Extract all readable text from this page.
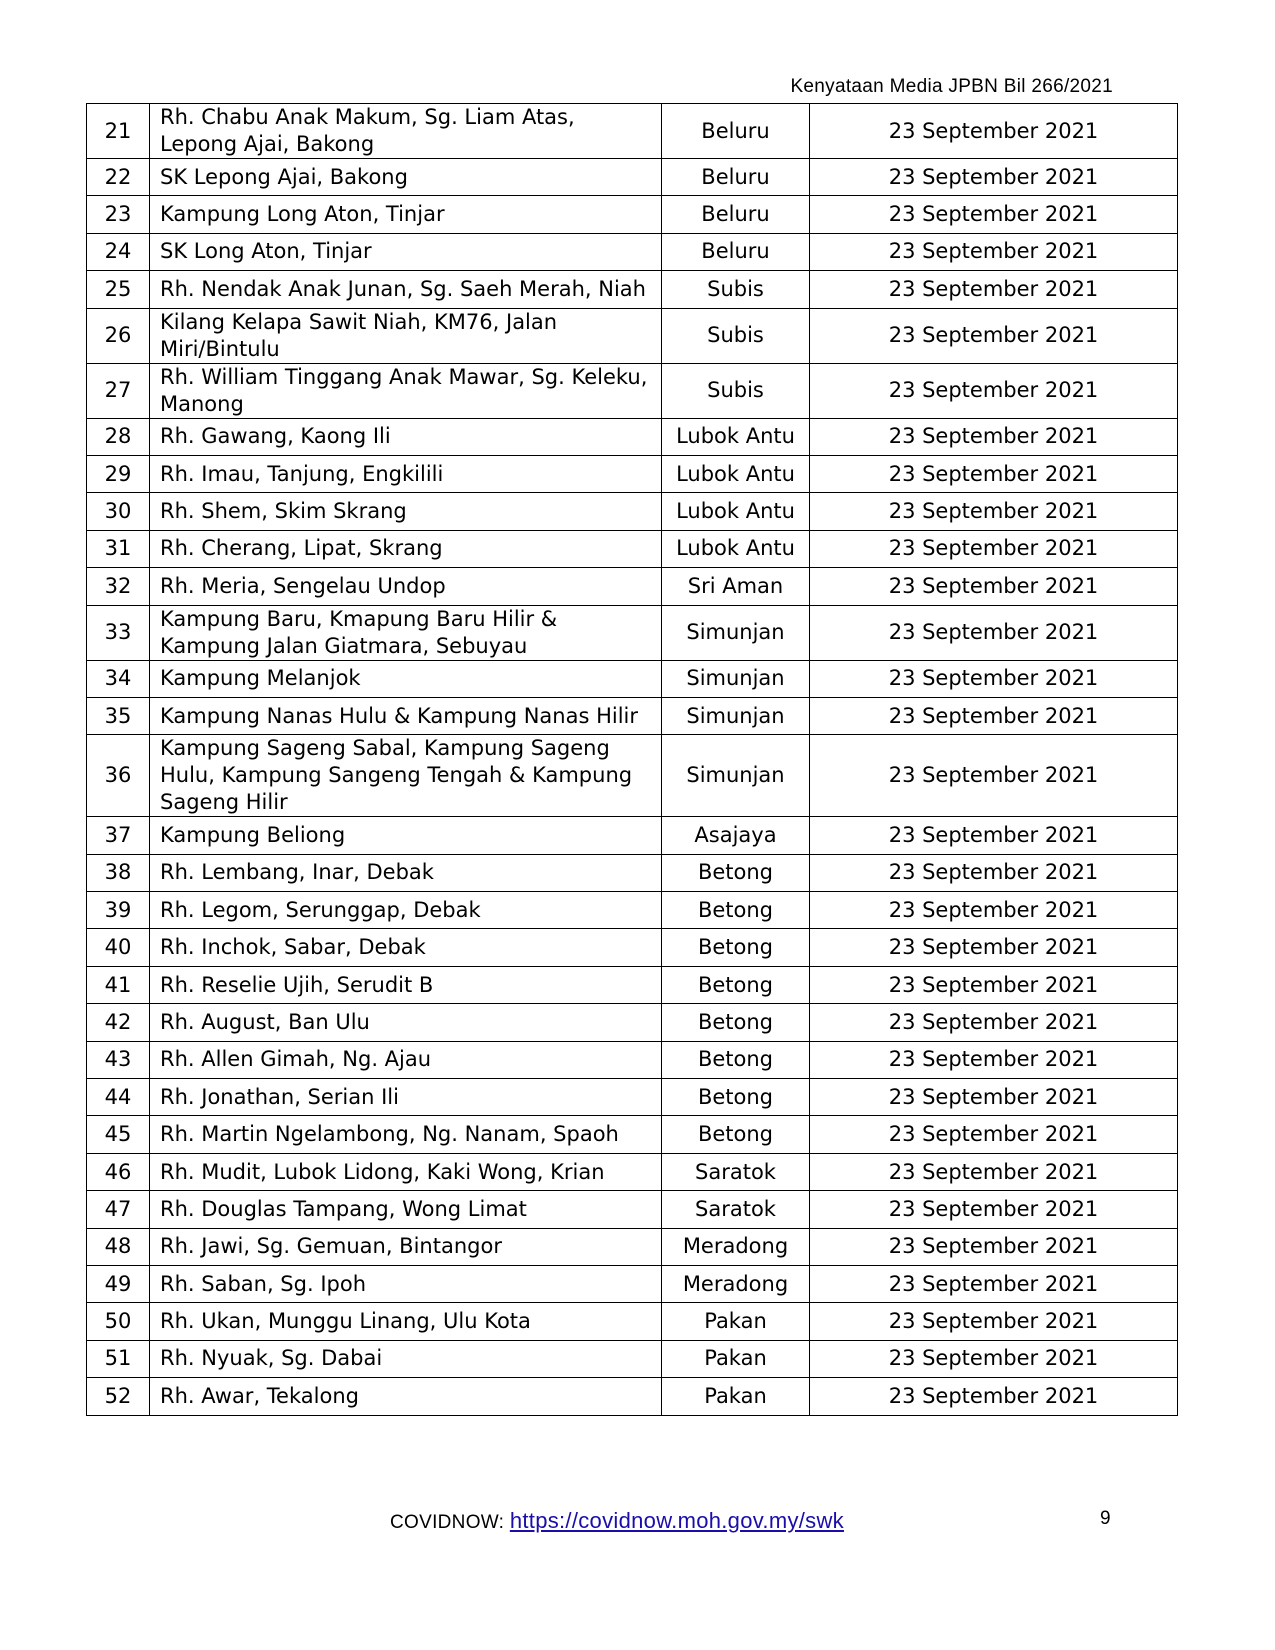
Kenyataan Media JPBN Bil 266/2021
21	Rh. Chabu Anak Makum, Sg. Liam Atas, Lepong Ajai, Bakong	Beluru	23 September 2021
22	SK Lepong Ajai, Bakong	Beluru	23 September 2021
23	Kampung Long Aton, Tinjar	Beluru	23 September 2021
24	SK Long Aton, Tinjar	Beluru	23 September 2021
25	Rh. Nendak Anak Junan, Sg. Saeh Merah, Niah	Subis	23 September 2021
26	Kilang Kelapa Sawit Niah, KM76, Jalan Miri/Bintulu	Subis	23 September 2021
27	Rh. William Tinggang Anak Mawar, Sg. Keleku, Manong	Subis	23 September 2021
28	Rh. Gawang, Kaong Ili	Lubok Antu	23 September 2021
29	Rh. Imau, Tanjung, Engkilili	Lubok Antu	23 September 2021
30	Rh. Shem, Skim Skrang	Lubok Antu	23 September 2021
31	Rh. Cherang, Lipat, Skrang	Lubok Antu	23 September 2021
32	Rh. Meria, Sengelau Undop	Sri Aman	23 September 2021
33	Kampung Baru, Kmapung Baru Hilir & Kampung Jalan Giatmara, Sebuyau	Simunjan	23 September 2021
34	Kampung Melanjok	Simunjan	23 September 2021
35	Kampung Nanas Hulu & Kampung Nanas Hilir	Simunjan	23 September 2021
36	Kampung Sageng Sabal, Kampung Sageng Hulu, Kampung Sangeng Tengah & Kampung Sageng Hilir	Simunjan	23 September 2021
37	Kampung Beliong	Asajaya	23 September 2021
38	Rh. Lembang, Inar, Debak	Betong	23 September 2021
39	Rh. Legom, Serunggap, Debak	Betong	23 September 2021
40	Rh. Inchok, Sabar, Debak	Betong	23 September 2021
41	Rh. Reselie Ujih, Serudit B	Betong	23 September 2021
42	Rh. August, Ban Ulu	Betong	23 September 2021
43	Rh. Allen Gimah, Ng. Ajau	Betong	23 September 2021
44	Rh. Jonathan, Serian Ili	Betong	23 September 2021
45	Rh. Martin Ngelambong, Ng. Nanam, Spaoh	Betong	23 September 2021
46	Rh. Mudit, Lubok Lidong, Kaki Wong, Krian	Saratok	23 September 2021
47	Rh. Douglas Tampang, Wong Limat	Saratok	23 September 2021
48	Rh. Jawi, Sg. Gemuan, Bintangor	Meradong	23 September 2021
49	Rh. Saban, Sg. Ipoh	Meradong	23 September 2021
50	Rh. Ukan, Munggu Linang, Ulu Kota	Pakan	23 September 2021
51	Rh. Nyuak, Sg. Dabai	Pakan	23 September 2021
52	Rh. Awar, Tekalong	Pakan	23 September 2021
COVIDNOW: https://covidnow.moh.gov.my/swk	9
